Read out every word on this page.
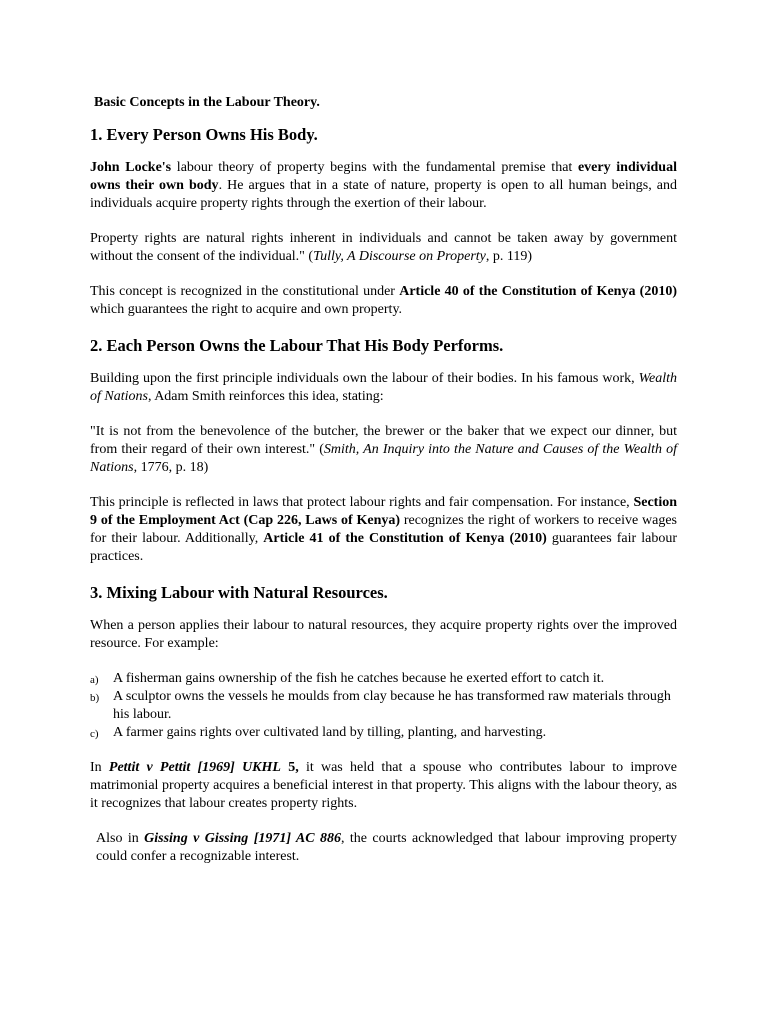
Basic Concepts in the Labour Theory.
1. Every Person Owns His Body.

John Locke's labour theory of property begins with the fundamental premise that every individual owns their own body. He argues that in a state of nature, property is open to all human beings, and individuals acquire property rights through the exertion of their labour.

Property rights are natural rights inherent in individuals and cannot be taken away by government without the consent of the individual." (Tully, A Discourse on Property, p. 119)

This concept is recognized in the constitutional under Article 40 of the Constitution of Kenya (2010) which guarantees the right to acquire and own property.

2. Each Person Owns the Labour That His Body Performs.

Building upon the first principle individuals own the labour of their bodies. In his famous work, Wealth of Nations, Adam Smith reinforces this idea, stating:

"It is not from the benevolence of the butcher, the brewer or the baker that we expect our dinner, but from their regard of their own interest." (Smith, An Inquiry into the Nature and Causes of the Wealth of Nations, 1776, p. 18)

This principle is reflected in laws that protect labour rights and fair compensation. For instance, Section 9 of the Employment Act (Cap 226, Laws of Kenya) recognizes the right of workers to receive wages for their labour. Additionally, Article 41 of the Constitution of Kenya (2010) guarantees fair labour practices.

3. Mixing Labour with Natural Resources.

When a person applies their labour to natural resources, they acquire property rights over the improved resource. For example:

a) A fisherman gains ownership of the fish he catches because he exerted effort to catch it.
b) A sculptor owns the vessels he moulds from clay because he has transformed raw materials through his labour.
c) A farmer gains rights over cultivated land by tilling, planting, and harvesting.

In Pettit v Pettit [1969] UKHL 5, it was held that a spouse who contributes labour to improve matrimonial property acquires a beneficial interest in that property. This aligns with the labour theory, as it recognizes that labour creates property rights.

Also in Gissing v Gissing [1971] AC 886, the courts acknowledged that labour improving property could confer a recognizable interest.
